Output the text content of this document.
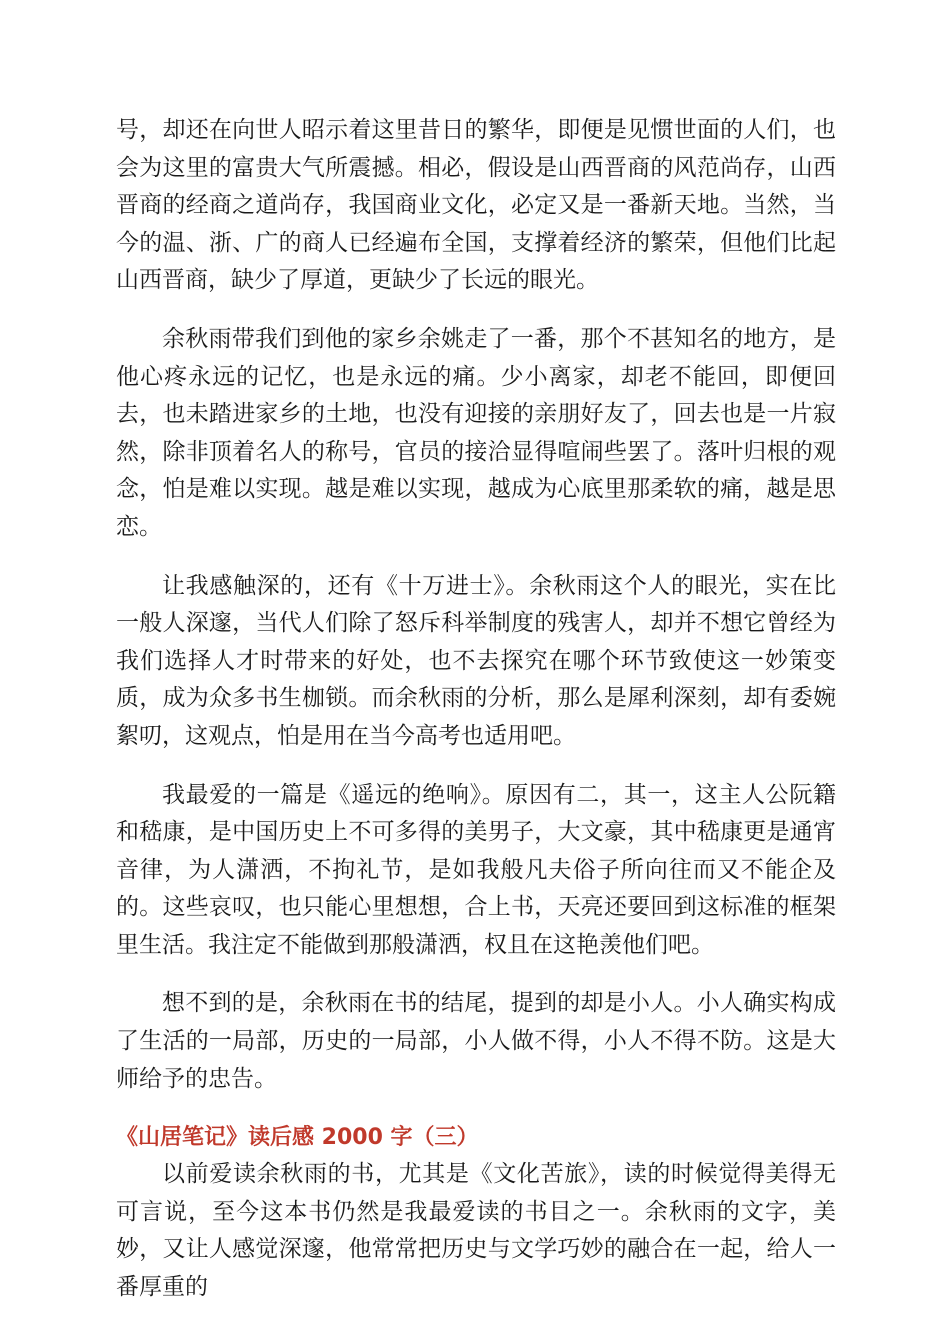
号，却还在向世人昭示着这里昔日的繁华，即便是见惯世面的人们，也会为这里的富贵大气所震撼。相必，假设是山西晋商的风范尚存，山西晋商的经商之道尚存，我国商业文化，必定又是一番新天地。当然，当今的温、浙、广的商人已经遍布全国，支撑着经济的繁荣，但他们比起山西晋商，缺少了厚道，更缺少了长远的眼光。

余秋雨带我们到他的家乡余姚走了一番，那个不甚知名的地方，是他心疼永远的记忆，也是永远的痛。少小离家，却老不能回，即便回去，也未踏进家乡的土地，也没有迎接的亲朋好友了，回去也是一片寂然，除非顶着名人的称号，官员的接洽显得喧闹些罢了。落叶归根的观念，怕是难以实现。越是难以实现，越成为心底里那柔软的痛，越是思恋。

让我感触深的，还有《十万进士》。余秋雨这个人的眼光，实在比一般人深邃，当代人们除了怒斥科举制度的残害人，却并不想它曾经为我们选择人才时带来的好处，也不去探究在哪个环节致使这一妙策变质，成为众多书生枷锁。而余秋雨的分析，那么是犀利深刻，却有委婉絮叨，这观点，怕是用在当今高考也适用吧。

我最爱的一篇是《遥远的绝响》。原因有二，其一，这主人公阮籍和嵇康，是中国历史上不可多得的美男子，大文豪，其中嵇康更是通宵音律，为人潇洒，不拘礼节，是如我般凡夫俗子所向往而又不能企及的。这些哀叹，也只能心里想想，合上书，天亮还要回到这标准的框架里生活。我注定不能做到那般潇洒，权且在这艳羡他们吧。

想不到的是，余秋雨在书的结尾，提到的却是小人。小人确实构成了生活的一局部，历史的一局部，小人做不得，小人不得不防。这是大师给予的忠告。

《山居笔记》读后感 2000 字（三）

以前爱读余秋雨的书，尤其是《文化苦旅》，读的时候觉得美得无可言说，至今这本书仍然是我最爱读的书目之一。余秋雨的文字，美妙，又让人感觉深邃，他常常把历史与文学巧妙的融合在一起，给人一番厚重的
